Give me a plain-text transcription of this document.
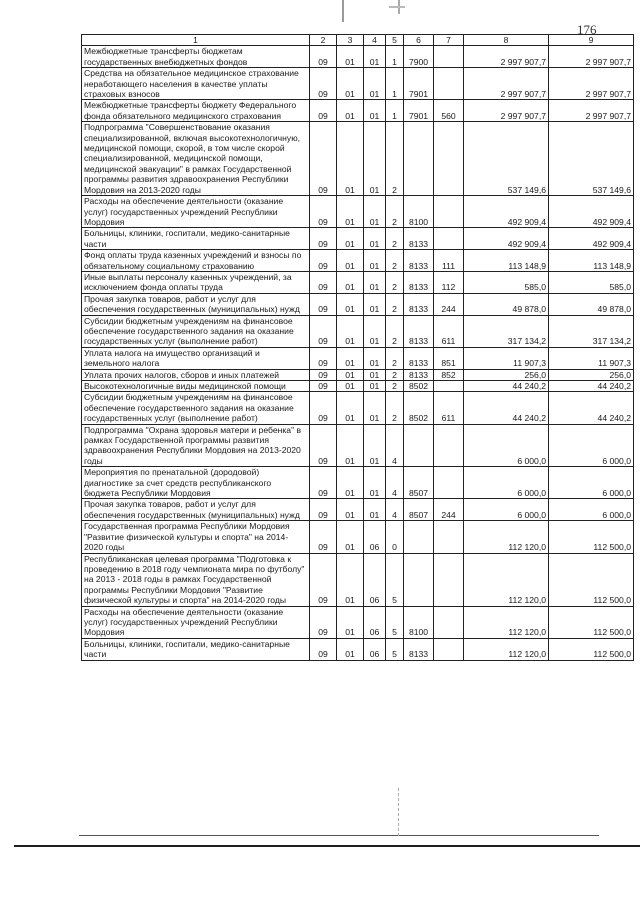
176
1	2	3	4	5	6	7	8	9
Межбюджетные трансферты бюджетам государственных внебюджетных фондов	09	01	01	1	7900		2 997 907,7	2 997 907,7
Средства на обязательное медицинское страхование неработающего населения в качестве уплаты страховых взносов	09	01	01	1	7901		2 997 907,7	2 997 907,7
Межбюджетные трансферты бюджету Федерального фонда обязательного медицинского страхования	09	01	01	1	7901	560	2 997 907,7	2 997 907,7
Подпрограмма "Совершенствование оказания специализированной, включая высокотехнологичную, медицинской помощи, скорой, в том числе скорой специализированной, медицинской помощи, медицинской эвакуации" в рамках Государственной программы развития здравоохранения Республики Мордовия на 2013-2020 годы	09	01	01	2			537 149,6	537 149,6
Расходы на обеспечение деятельности (оказание услуг) государственных учреждений Республики Мордовия	09	01	01	2	8100		492 909,4	492 909,4
Больницы, клиники, госпитали, медико-санитарные части	09	01	01	2	8133		492 909,4	492 909,4
Фонд оплаты труда казенных учреждений и взносы по обязательному социальному страхованию	09	01	01	2	8133	111	113 148,9	113 148,9
Иные выплаты персоналу казенных учреждений, за исключением фонда оплаты труда	09	01	01	2	8133	112	585,0	585,0
Прочая закупка товаров, работ и услуг для обеспечения государственных (муниципальных) нужд	09	01	01	2	8133	244	49 878,0	49 878,0
Субсидии бюджетным учреждениям на финансовое обеспечение государственного задания на оказание государственных услуг (выполнение работ)	09	01	01	2	8133	611	317 134,2	317 134,2
Уплата налога на имущество организаций и земельного налога	09	01	01	2	8133	851	11 907,3	11 907,3
Уплата прочих налогов, сборов и иных платежей	09	01	01	2	8133	852	256,0	256,0
Высокотехнологичные виды медицинской помощи	09	01	01	2	8502		44 240,2	44 240,2
Субсидии бюджетным учреждениям на финансовое обеспечение государственного задания на оказание государственных услуг (выполнение работ)	09	01	01	2	8502	611	44 240,2	44 240,2
Подпрограмма "Охрана здоровья матери и ребенка" в рамках Государственной программы развития здравоохранения Республики Мордовия на 2013-2020 годы	09	01	01	4			6 000,0	6 000,0
Мероприятия по пренатальной (дородовой) диагностике за счет средств республиканского бюджета Республики Мордовия	09	01	01	4	8507		6 000,0	6 000,0
Прочая закупка товаров, работ и услуг для обеспечения государственных (муниципальных) нужд	09	01	01	4	8507	244	6 000,0	6 000,0
Государственная программа Республики Мордовия "Развитие физической культуры и спорта" на 2014-2020 годы	09	01	06	0			112 120,0	112 500,0
Республиканская целевая программа "Подготовка к проведению в 2018 году чемпионата мира по футболу" на 2013 - 2018 годы в рамках Государственной программы Республики Мордовия "Развитие физической культуры и спорта" на 2014-2020 годы	09	01	06	5			112 120,0	112 500,0
Расходы на обеспечение деятельности (оказание услуг) государственных учреждений Республики Мордовия	09	01	06	5	8100		112 120,0	112 500,0
Больницы, клиники, госпитали, медико-санитарные части	09	01	06	5	8133		112 120,0	112 500,0
